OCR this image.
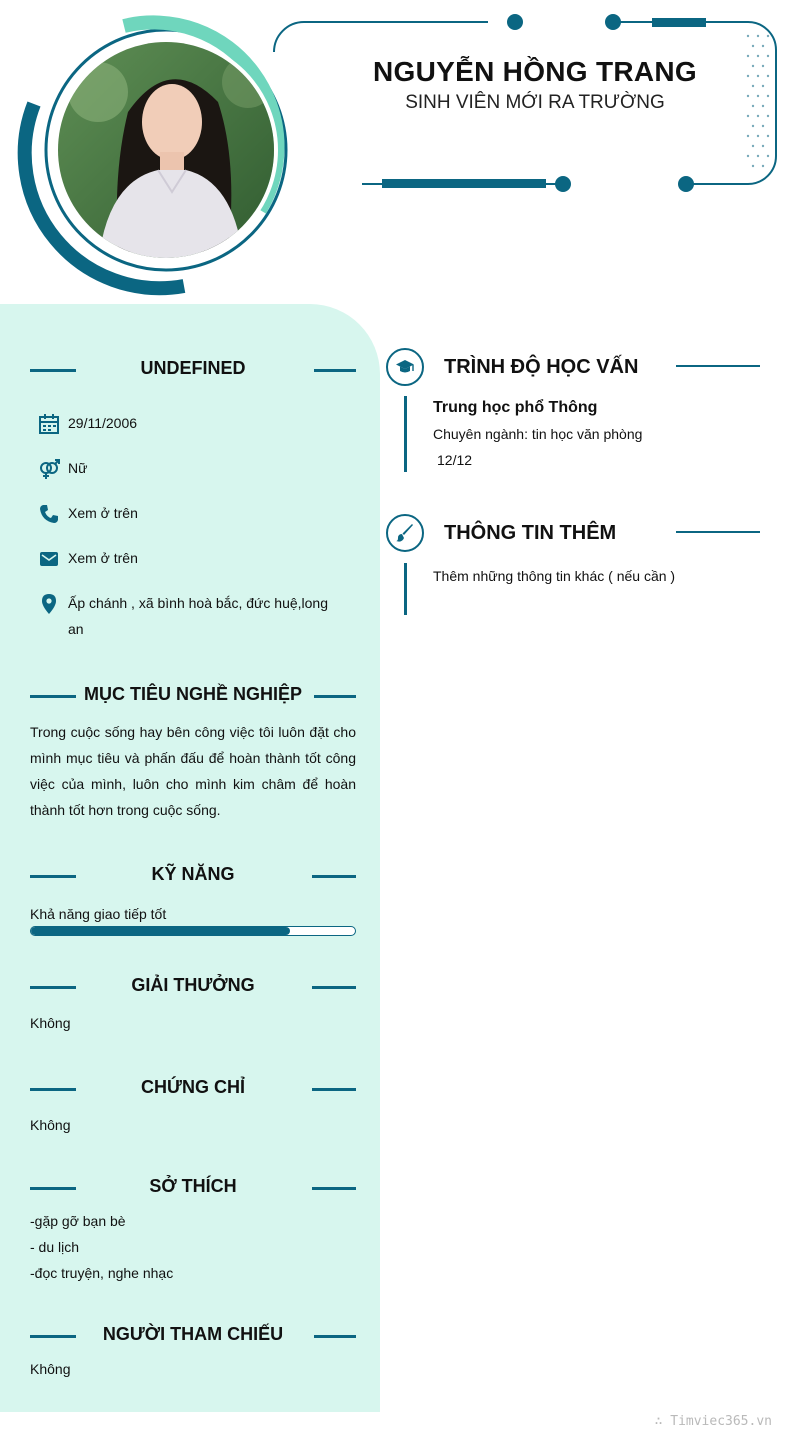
NGUYỄN HỒNG TRANG
SINH VIÊN MỚI RA TRƯỜNG
UNDEFINED
29/11/2006
Nữ
Xem ở trên
Xem ở trên
Ấp chánh , xã bình hoà bắc, đức huệ,long an
MỤC TIÊU NGHỀ NGHIỆP
Trong cuộc sống hay bên công việc tôi luôn đặt cho mình mục tiêu và phấn đấu để hoàn thành tốt công việc của mình, luôn cho mình kim châm để hoàn thành tốt hơn trong cuộc sống.
KỸ NĂNG
Khả năng giao tiếp tốt
GIẢI THƯỞNG
Không
CHỨNG CHỈ
Không
SỞ THÍCH
-gặp gỡ bạn bè
- du lịch
-đọc truyện, nghe nhạc
NGƯỜI THAM CHIẾU
Không
TRÌNH ĐỘ HỌC VẤN
Trung học phổ Thông
Chuyên ngành: tin học văn phòng
12/12
THÔNG TIN THÊM
Thêm những thông tin khác ( nếu cần )
∴ Timviec365.vn
